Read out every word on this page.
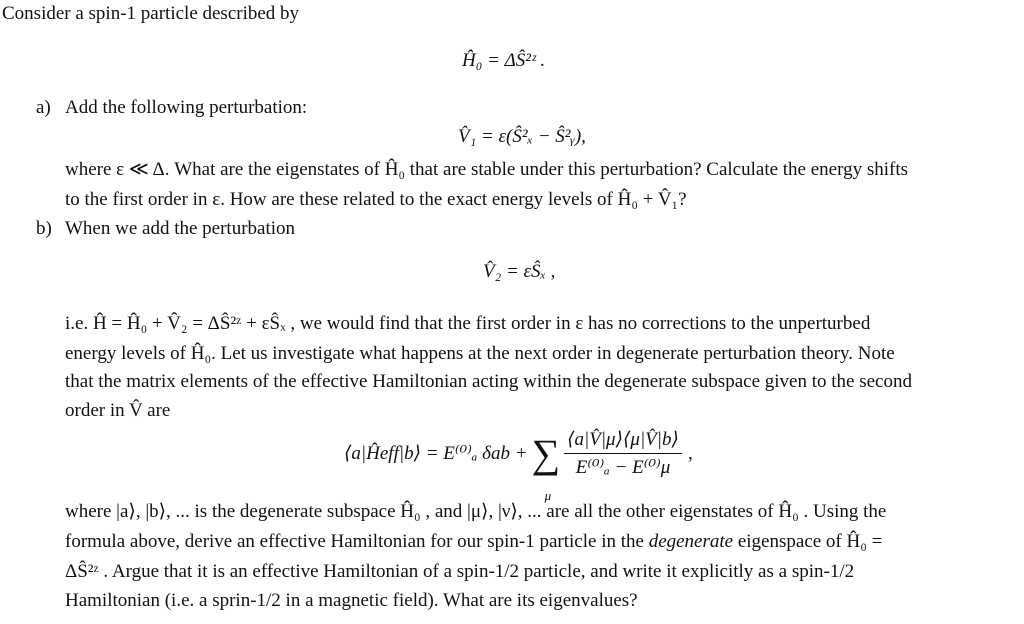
Consider a spin-1 particle described by
Ĥ₀ = ΔŜ²ᶻ .
a) Add the following perturbation:
V̂₁ = ε(Ŝ²ₓ − Ŝ²ᵧ),
where ε ≪ Δ. What are the eigenstates of Ĥ₀ that are stable under this perturbation? Calculate the energy shifts
to the first order in ε. How are these related to the exact energy levels of Ĥ₀ + V̂₁?
b) When we add the perturbation
V̂₂ = εŜₓ ,
i.e. Ĥ = Ĥ₀ + V̂₂ = ΔŜ²ᶻ + εŜₓ , we would find that the first order in ε has no corrections to the unperturbed
energy levels of Ĥ₀. Let us investigate what happens at the next order in degenerate perturbation theory. Note
that the matrix elements of the effective Hamiltonian acting within the degenerate subspace given to the second
order in V̂ are
⟨a|Ĥeff|b⟩ = E⁽⁰⁾ₐ δab + ∑
μ
$\frac{⟨a|V̂|\mu⟩⟨\mu|V̂|b⟩}{\text{E⁽⁰⁾ₐ − E⁽⁰⁾μ}}$ ,
where |a⟩, |b⟩, ... is the degenerate subspace Ĥ₀ , and |μ⟩, |ν⟩, ... are all the other eigenstates of Ĥ₀ . Using the
formula above, derive an effective Hamiltonian for our spin-1 particle in the degenerate eigenspace of Ĥ₀ =
ΔŜ²ᶻ . Argue that it is an effective Hamiltonian of a spin-1/2 particle, and write it explicitly as a spin-1/2
Hamiltonian (i.e. a sprin-1/2 in a magnetic field). What are its eigenvalues?
